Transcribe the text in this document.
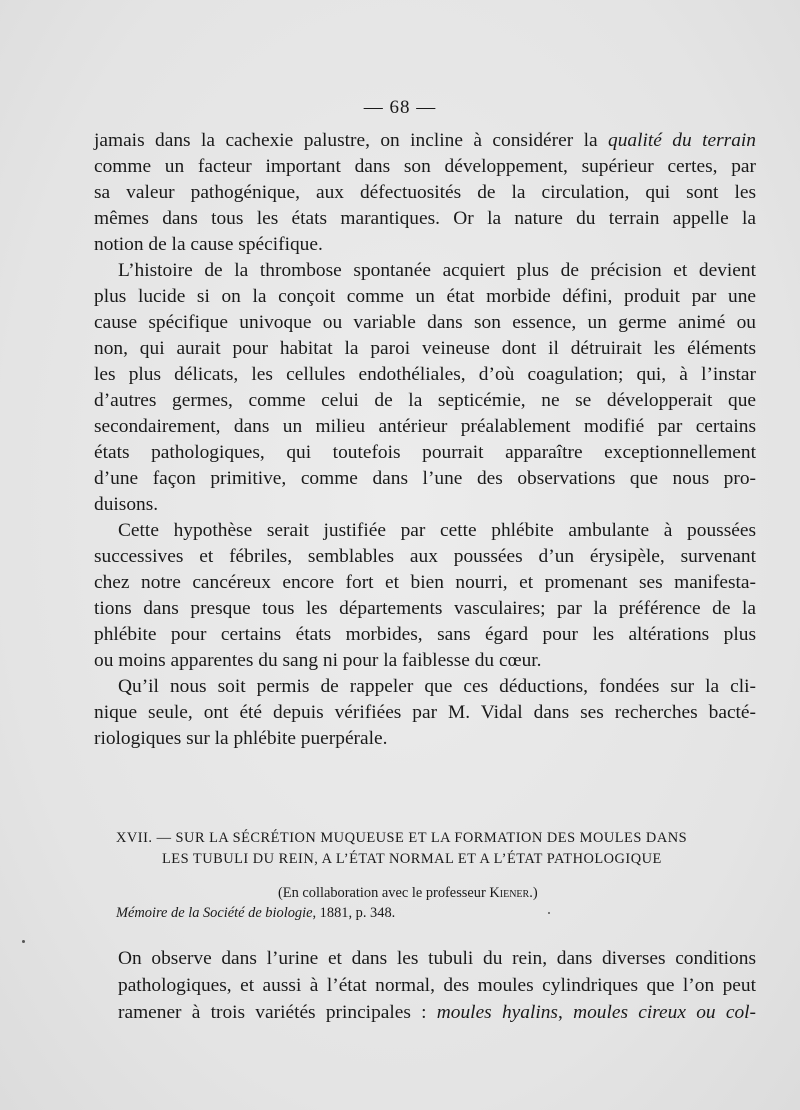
— 68 —

jamais dans la cachexie palustre, on incline à considérer la qualité du terrain
comme un facteur important dans son développement, supérieur certes, par
sa valeur pathogénique, aux défectuosités de la circulation, qui sont les
mêmes dans tous les états marantiques. Or la nature du terrain appelle la
notion de la cause spécifique.

L’histoire de la thrombose spontanée acquiert plus de précision et devient
plus lucide si on la conçoit comme un état morbide défini, produit par une
cause spécifique univoque ou variable dans son essence, un germe animé ou
non, qui aurait pour habitat la paroi veineuse dont il détruirait les éléments
les plus délicats, les cellules endothéliales, d’où coagulation; qui, à l’instar
d’autres germes, comme celui de la septicémie, ne se développerait que
secondairement, dans un milieu antérieur préalablement modifié par certains
états pathologiques, qui toutefois pourrait apparaître exceptionnellement
d’une façon primitive, comme dans l’une des observations que nous pro-
duisons.

Cette hypothèse serait justifiée par cette phlébite ambulante à poussées
successives et fébriles, semblables aux poussées d’un érysipèle, survenant
chez notre cancéreux encore fort et bien nourri, et promenant ses manifesta-
tions dans presque tous les départements vasculaires; par la préférence de la
phlébite pour certains états morbides, sans égard pour les altérations plus
ou moins apparentes du sang ni pour la faiblesse du cœur.

Qu’il nous soit permis de rappeler que ces déductions, fondées sur la cli-
nique seule, ont été depuis vérifiées par M. Vidal dans ses recherches bacté-
riologiques sur la phlébite puerpérale.

XVII. — SUR LA SÉCRÉTION MUQUEUSE ET LA FORMATION DES MOULES DANS
LES TUBULI DU REIN, A L’ÉTAT NORMAL ET A L’ÉTAT PATHOLOGIQUE
(En collaboration avec le professeur Kiener.)
Mémoire de la Société de biologie, 1881, p. 348.
On observe dans l’urine et dans les tubuli du rein, dans diverses conditions
pathologiques, et aussi à l’état normal, des moules cylindriques que l’on peut
ramener à trois variétés principales : moules hyalins, moules cireux ou col-
